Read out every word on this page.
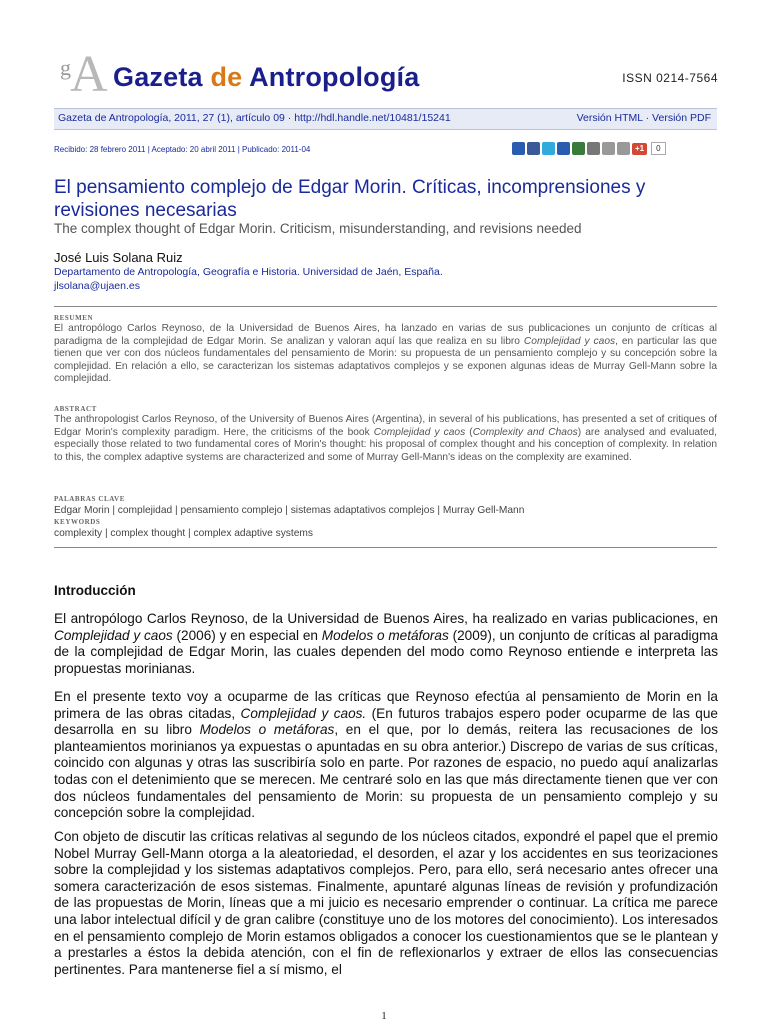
g A Gazeta de Antropología	ISSN 0214-7564
Gazeta de Antropología, 2011, 27 (1), artículo 09 · http://hdl.handle.net/10481/15241	Versión HTML · Versión PDF
Recibido: 28 febrero 2011 | Aceptado: 20 abril 2011 | Publicado: 2011-04	+1	0
El pensamiento complejo de Edgar Morin. Críticas, incomprensiones y revisiones necesarias
The complex thought of Edgar Morin. Criticism, misunderstanding, and revisions needed
José Luis Solana Ruiz
Departamento de Antropología, Geografía e Historia. Universidad de Jaén, España.
jlsolana@ujaen.es
RESUMEN
El antropólogo Carlos Reynoso, de la Universidad de Buenos Aires, ha lanzado en varias de sus publicaciones un conjunto de críticas al paradigma de la complejidad de Edgar Morin. Se analizan y valoran aquí las que realiza en su libro Complejidad y caos, en particular las que tienen que ver con dos núcleos fundamentales del pensamiento de Morin: su propuesta de un pensamiento complejo y su concepción sobre la complejidad. En relación a ello, se caracterizan los sistemas adaptativos complejos y se exponen algunas ideas de Murray Gell-Mann sobre la complejidad.
ABSTRACT
The anthropologist Carlos Reynoso, of the University of Buenos Aires (Argentina), in several of his publications, has presented a set of critiques of Edgar Morin's complexity paradigm. Here, the criticisms of the book Complejidad y caos (Complexity and Chaos) are analysed and evaluated, especially those related to two fundamental cores of Morin's thought: his proposal of complex thought and his conception of complexity. In relation to this, the complex adaptive systems are characterized and some of Murray Gell-Mann's ideas on the complexity are examined.
PALABRAS CLAVE
Edgar Morin | complejidad | pensamiento complejo | sistemas adaptativos complejos | Murray Gell-Mann
KEYWORDS
complexity | complex thought | complex adaptive systems
Introducción
El antropólogo Carlos Reynoso, de la Universidad de Buenos Aires, ha realizado en varias publicaciones, en Complejidad y caos (2006) y en especial en Modelos o metáforas (2009), un conjunto de críticas al paradigma de la complejidad de Edgar Morin, las cuales dependen del modo como Reynoso entiende e interpreta las propuestas morinianas.
En el presente texto voy a ocuparme de las críticas que Reynoso efectúa al pensamiento de Morin en la primera de las obras citadas, Complejidad y caos. (En futuros trabajos espero poder ocuparme de las que desarrolla en su libro Modelos o metáforas, en el que, por lo demás, reitera las recusaciones de los planteamientos morinianos ya expuestas o apuntadas en su obra anterior.) Discrepo de varias de sus críticas, coincido con algunas y otras las suscribiría solo en parte. Por razones de espacio, no puedo aquí analizarlas todas con el detenimiento que se merecen. Me centraré solo en las que más directamente tienen que ver con dos núcleos fundamentales del pensamiento de Morin: su propuesta de un pensamiento complejo y su concepción sobre la complejidad.
Con objeto de discutir las críticas relativas al segundo de los núcleos citados, expondré el papel que el premio Nobel Murray Gell-Mann otorga a la aleatoriedad, el desorden, el azar y los accidentes en sus teorizaciones sobre la complejidad y los sistemas adaptativos complejos. Pero, para ello, será necesario antes ofrecer una somera caracterización de esos sistemas. Finalmente, apuntaré algunas líneas de revisión y profundización de las propuestas de Morin, líneas que a mi juicio es necesario emprender o continuar. La crítica me parece una labor intelectual difícil y de gran calibre (constituye uno de los motores del conocimiento). Los interesados en el pensamiento complejo de Morin estamos obligados a conocer los cuestionamientos que se le plantean y a prestarles a éstos la debida atención, con el fin de reflexionarlos y extraer de ellos las consecuencias pertinentes. Para mantenerse fiel a sí mismo, el
1
